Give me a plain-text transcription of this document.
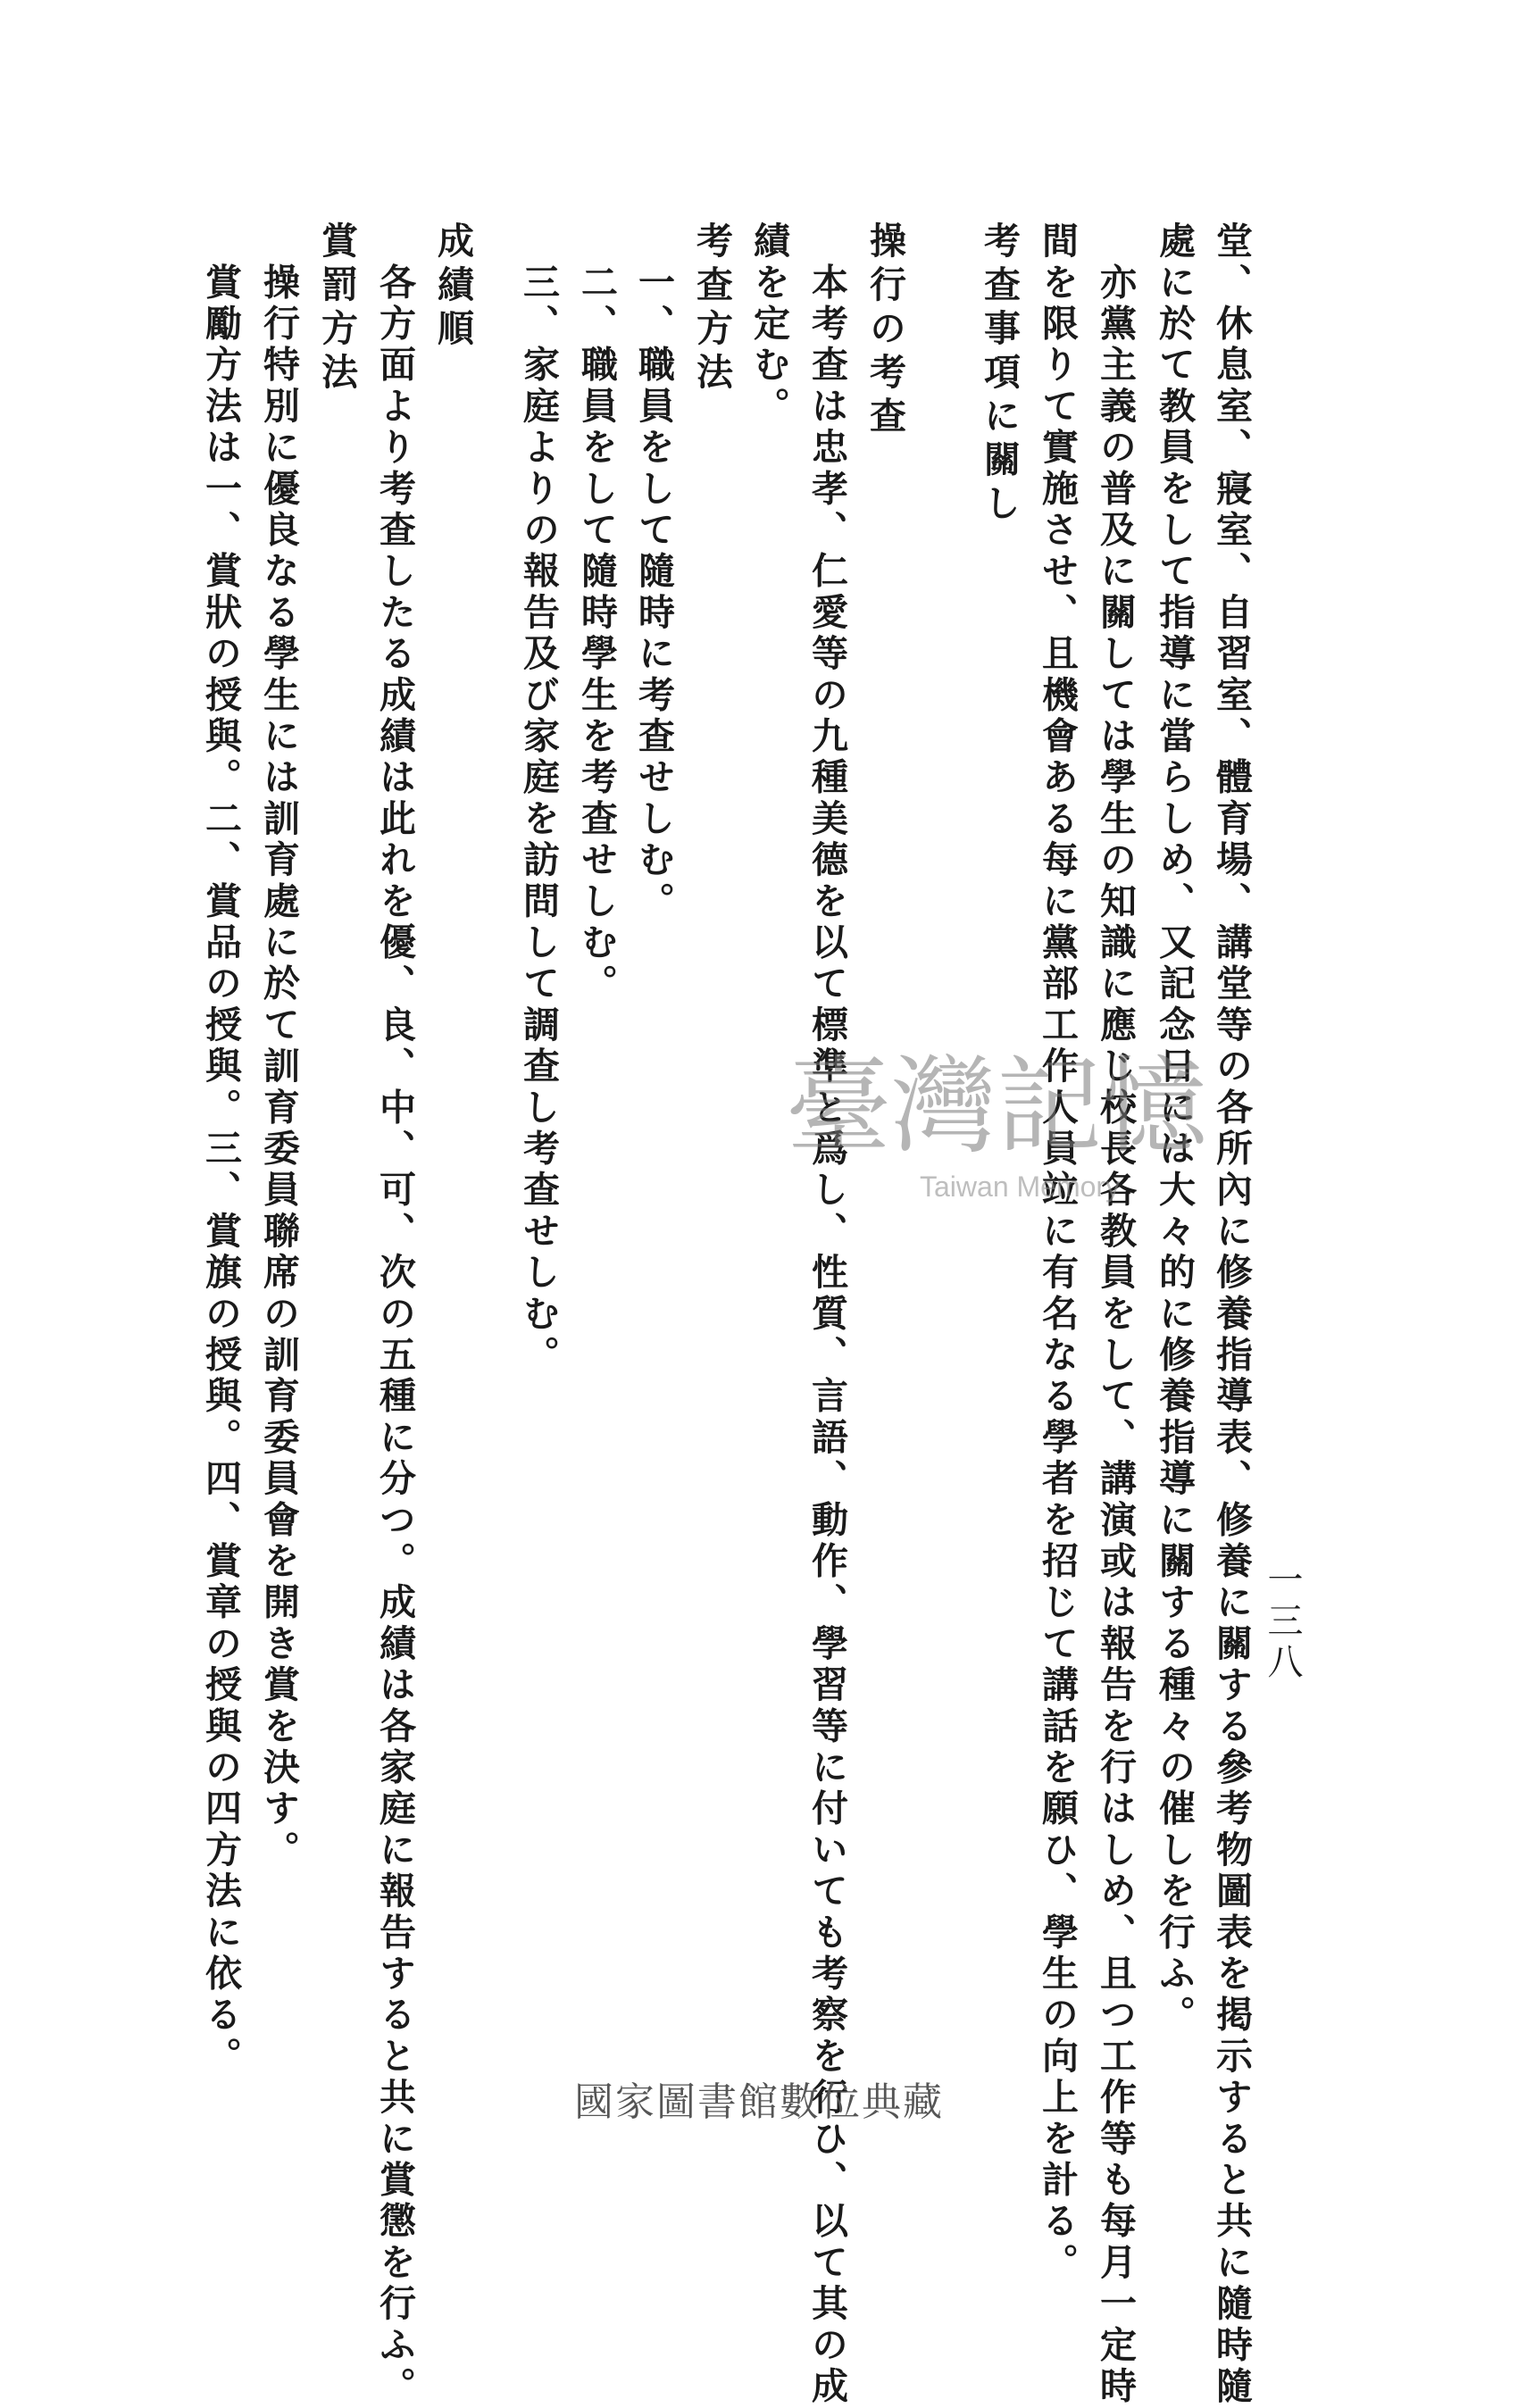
一三八
堂、休息室、寢室、自習室、體育場、講堂等の各所內に修養指導表、修養に關する參考物圖表を掲示すると共に隨時隨
處に於て教員をして指導に當らしめ、又記念日には大々的に修養指導に關する種々の催しを行ふ。
　亦黨主義の普及に關しては學生の知識に應じ校長各教員をして、講演或は報告を行はしめ、且つ工作等も每月一定時
間を限りて實施させ、且機會ある每に黨部工作人員竝に有名なる學者を招じて講話を願ひ、學生の向上を計る。
考查事項に關し
操行の考查
　本考查は忠孝、仁愛等の九種美德を以て標準と爲し、性質、言語、動作、學習等に付いても考察を行ひ、以て其の成
績を定む。
考查方法
　一、職員をして隨時に考查せしむ。
　二、職員をして隨時學生を考查せしむ。
　三、家庭よりの報告及び家庭を訪問して調查し考查せしむ。
成績順
　各方面より考查したる成績は此れを優、良、中、可、次の五種に分つ。成績は各家庭に報告すると共に賞懲を行ふ。
賞罰方法
　操行特別に優良なる學生には訓育處に於て訓育委員聯席の訓育委員會を開き賞を決す。
　賞勵方法は一、賞狀の授與。二、賞品の授與。三、賞旗の授與。四、賞章の授與の四方法に依る。	臺灣記憶
Taiwan Memory
國家圖書館數位典藏
